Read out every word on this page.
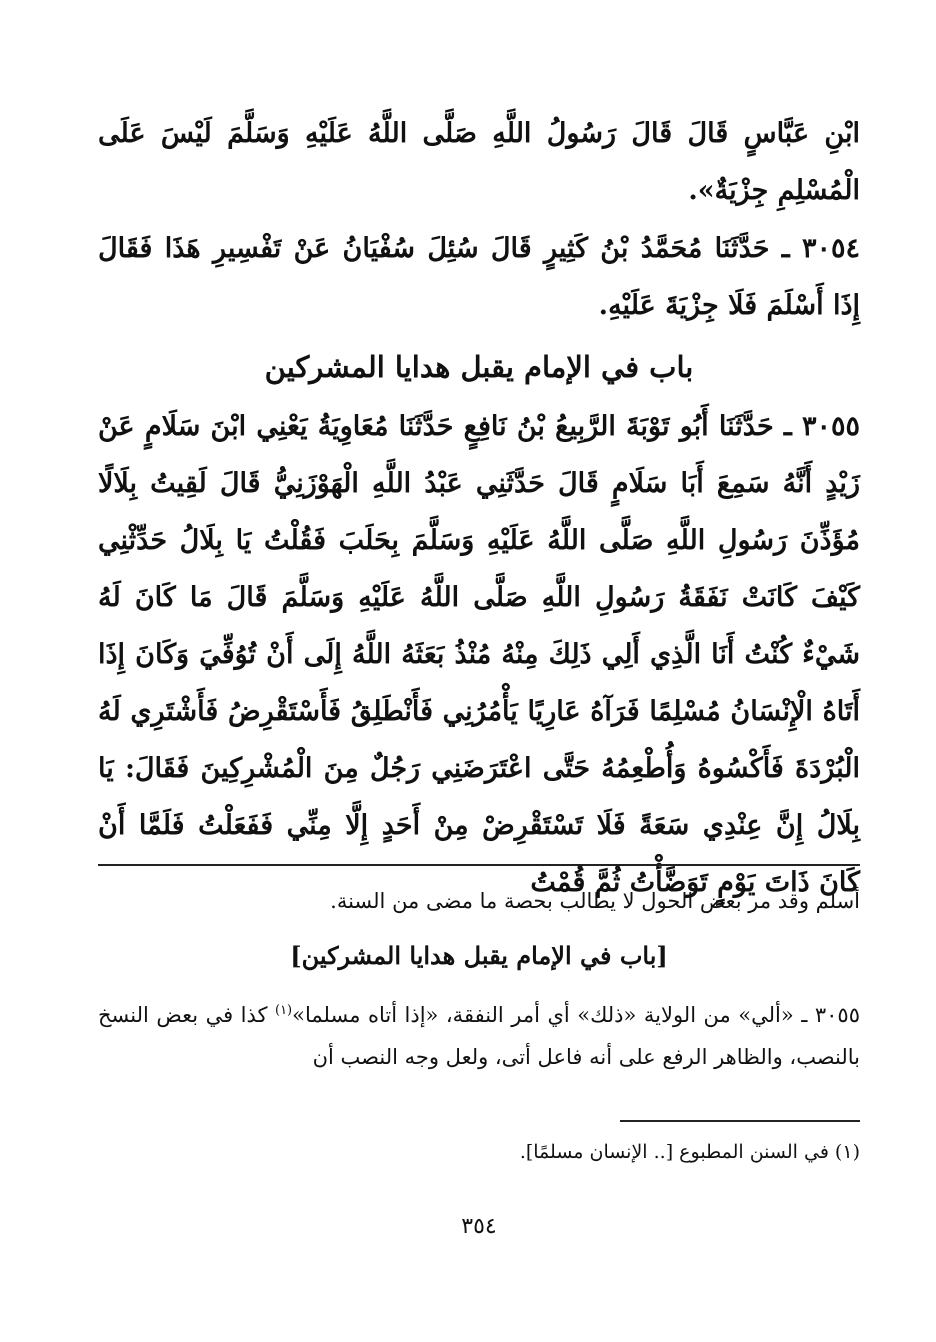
ابْنِ عَبَّاسٍ قَالَ قَالَ رَسُولُ اللَّهِ صَلَّى اللَّهُ عَلَيْهِ وَسَلَّمَ لَيْسَ عَلَى الْمُسْلِمِ جِزْيَةٌ».

٣٠٥٤ ـ حَدَّثَنَا مُحَمَّدُ بْنُ كَثِيرٍ قَالَ سُئِلَ سُفْيَانُ عَنْ تَفْسِيرِ هَذَا فَقَالَ إِذَا أَسْلَمَ فَلَا جِزْيَةَ عَلَيْهِ.

باب في الإمام يقبل هدايا المشركين

٣٠٥٥ ـ حَدَّثَنَا أَبُو تَوْبَةَ الرَّبِيعُ بْنُ نَافِعٍ حَدَّثَنَا مُعَاوِيَةُ يَعْنِي ابْنَ سَلَامٍ عَنْ زَيْدٍ أَنَّهُ سَمِعَ أَبَا سَلَامٍ قَالَ حَدَّثَنِي عَبْدُ اللَّهِ الْهَوْزَنِيُّ قَالَ لَقِيتُ بِلَالًا مُؤَذِّنَ رَسُولِ اللَّهِ صَلَّى اللَّهُ عَلَيْهِ وَسَلَّمَ بِحَلَبَ فَقُلْتُ يَا بِلَالُ حَدِّثْنِي كَيْفَ كَانَتْ نَفَقَةُ رَسُولِ اللَّهِ صَلَّى اللَّهُ عَلَيْهِ وَسَلَّمَ قَالَ مَا كَانَ لَهُ شَيْءٌ كُنْتُ أَنَا الَّذِي أَلِي ذَلِكَ مِنْهُ مُنْذُ بَعَثَهُ اللَّهُ إِلَى أَنْ تُوُفِّيَ وَكَانَ إِذَا أَتَاهُ الْإِنْسَانُ مُسْلِمًا فَرَآهُ عَارِيًا يَأْمُرُنِي فَأَنْطَلِقُ فَأَسْتَقْرِضُ فَأَشْتَرِي لَهُ الْبُرْدَةَ فَأَكْسُوهُ وَأُطْعِمُهُ حَتَّى اعْتَرَضَنِي رَجُلٌ مِنَ الْمُشْرِكِينَ فَقَالَ: يَا بِلَالُ إِنَّ عِنْدِي سَعَةً فَلَا تَسْتَقْرِضْ مِنْ أَحَدٍ إِلَّا مِنِّي فَفَعَلْتُ فَلَمَّا أَنْ كَانَ ذَاتَ يَوْمٍ تَوَضَّأْتُ ثُمَّ قُمْتُ

أسلم وقد مر بعض الحول لا يطالب بحصة ما مضى من السنة.

[باب في الإمام يقبل هدايا المشركين]

٣٠٥٥ ـ «ألي» من الولاية «ذلك» أي أمر النفقة، «إذا أتاه مسلما»$^{(١)}$ كذا في بعض النسخ بالنصب، والظاهر الرفع على أنه فاعل أتى، ولعل وجه النصب أن

(١) في السنن المطبوع [.. الإنسان مسلمًا].
٣٥٤
